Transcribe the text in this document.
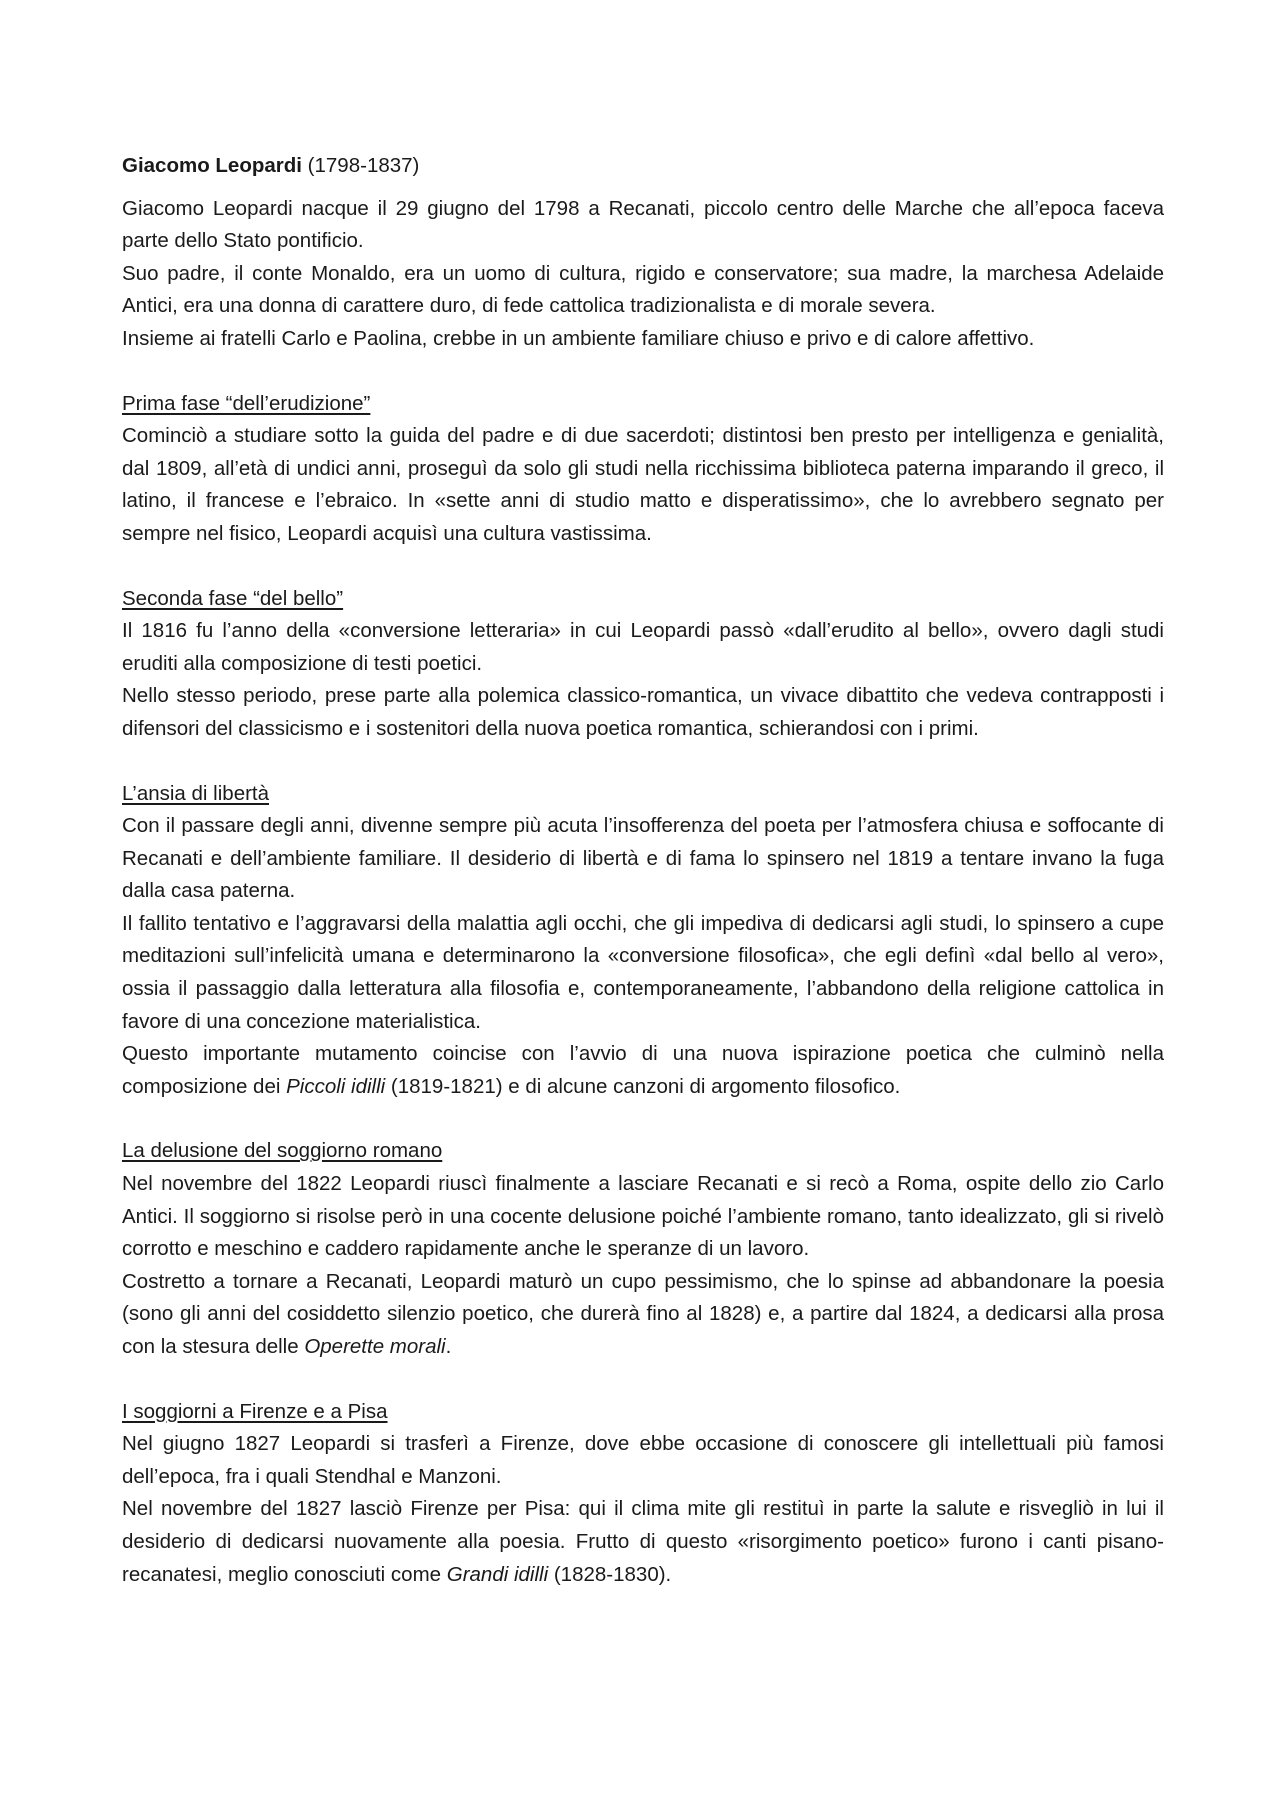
Giacomo Leopardi (1798-1837)

Giacomo Leopardi nacque il 29 giugno del 1798 a Recanati, piccolo centro delle Marche che all’epoca faceva parte dello Stato pontificio.

Suo padre, il conte Monaldo, era un uomo di cultura, rigido e conservatore; sua madre, la marchesa Adelaide Antici, era una donna di carattere duro, di fede cattolica tradizionalista e di morale severa.

Insieme ai fratelli Carlo e Paolina, crebbe in un ambiente familiare chiuso e privo e di calore affettivo.

Prima fase “dell’erudizione”

Cominciò a studiare sotto la guida del padre e di due sacerdoti; distintosi ben presto per intelligenza e genialità, dal 1809, all’età di undici anni, proseguì da solo gli studi nella ricchissima biblioteca paterna imparando il greco, il latino, il francese e l’ebraico. In «sette anni di studio matto e disperatissimo», che lo avrebbero segnato per sempre nel fisico, Leopardi acquisì una cultura vastissima.

Seconda fase “del bello”

Il 1816 fu l’anno della «conversione letteraria» in cui Leopardi passò «dall’erudito al bello», ovvero dagli studi eruditi alla composizione di testi poetici.

Nello stesso periodo, prese parte alla polemica classico-romantica, un vivace dibattito che vedeva contrapposti i difensori del classicismo e i sostenitori della nuova poetica romantica, schierandosi con i primi.

L’ansia di libertà

Con il passare degli anni, divenne sempre più acuta l’insofferenza del poeta per l’atmosfera chiusa e soffocante di Recanati e dell’ambiente familiare. Il desiderio di libertà e di fama lo spinsero nel 1819 a tentare invano la fuga dalla casa paterna.

Il fallito tentativo e l’aggravarsi della malattia agli occhi, che gli impediva di dedicarsi agli studi, lo spinsero a cupe meditazioni sull’infelicità umana e determinarono la «conversione filosofica», che egli definì «dal bello al vero», ossia il passaggio dalla letteratura alla filosofia e, contemporaneamente, l’abbandono della religione cattolica in favore di una concezione materialistica.

Questo importante mutamento coincise con l’avvio di una nuova ispirazione poetica che culminò nella composizione dei Piccoli idilli (1819-1821) e di alcune canzoni di argomento filosofico.

La delusione del soggiorno romano

Nel novembre del 1822 Leopardi riuscì finalmente a lasciare Recanati e si recò a Roma, ospite dello zio Carlo Antici. Il soggiorno si risolse però in una cocente delusione poiché l’ambiente romano, tanto idealizzato, gli si rivelò corrotto e meschino e caddero rapidamente anche le speranze di un lavoro.

Costretto a tornare a Recanati, Leopardi maturò un cupo pessimismo, che lo spinse ad abbandonare la poesia (sono gli anni del cosiddetto silenzio poetico, che durerà fino al 1828) e, a partire dal 1824, a dedicarsi alla prosa con la stesura delle Operette morali.

I soggiorni a Firenze e a Pisa

Nel giugno 1827 Leopardi si trasferì a Firenze, dove ebbe occasione di conoscere gli intellettuali più famosi dell’epoca, fra i quali Stendhal e Manzoni.

Nel novembre del 1827 lasciò Firenze per Pisa: qui il clima mite gli restituì in parte la salute e risvegliò in lui il desiderio di dedicarsi nuovamente alla poesia. Frutto di questo «risorgimento poetico» furono i canti pisano-recanatesi, meglio conosciuti come Grandi idilli (1828-1830).
